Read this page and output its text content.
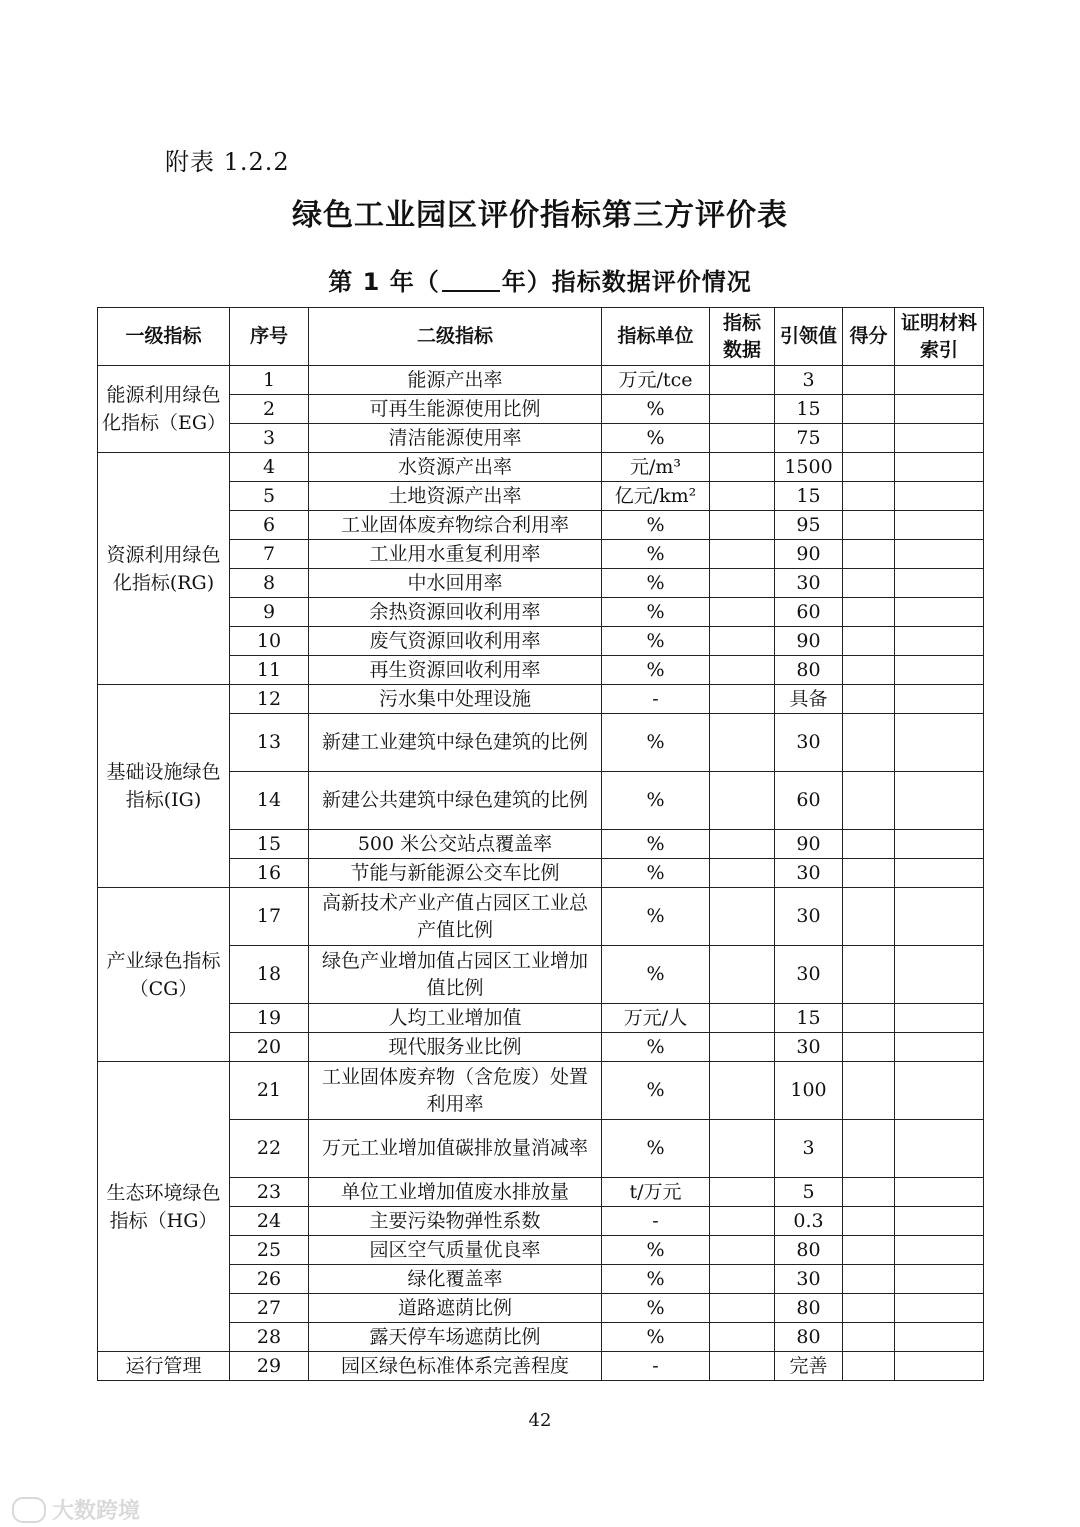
附表 1.2.2
绿色工业园区评价指标第三方评价表
第 1 年（	年）指标数据评价情况
一级指标	序号	二级指标	指标单位	指标数据	引领值	得分	证明材料索引
能源利用绿色化指标（EG）	1	能源产出率	万元/tce		3		
	2	可再生能源使用比例	%		15		
	3	清洁能源使用率	%		75		
资源利用绿色化指标(RG)	4	水资源产出率	元/m³		1500		
	5	土地资源产出率	亿元/km²		15		
	6	工业固体废弃物综合利用率	%		95		
	7	工业用水重复利用率	%		90		
	8	中水回用率	%		30		
	9	余热资源回收利用率	%		60		
	10	废气资源回收利用率	%		90		
	11	再生资源回收利用率	%		80		
基础设施绿色指标(IG)	12	污水集中处理设施	-		具备		
	13	新建工业建筑中绿色建筑的比例	%		30		
	14	新建公共建筑中绿色建筑的比例	%		60		
	15	500 米公交站点覆盖率	%		90		
	16	节能与新能源公交车比例	%		30		
产业绿色指标（CG）	17	高新技术产业产值占园区工业总产值比例	%		30		
	18	绿色产业增加值占园区工业增加值比例	%		30		
	19	人均工业增加值	万元/人		15		
	20	现代服务业比例	%		30		
生态环境绿色指标（HG）	21	工业固体废弃物（含危废）处置利用率	%		100		
	22	万元工业增加值碳排放量消减率	%		3		
	23	单位工业增加值废水排放量	t/万元		5		
	24	主要污染物弹性系数	-		0.3		
	25	园区空气质量优良率	%		80		
	26	绿化覆盖率	%		30		
	27	道路遮荫比例	%		80		
	28	露天停车场遮荫比例	%		80		
运行管理	29	园区绿色标准体系完善程度	-		完善		
42
大数跨境
